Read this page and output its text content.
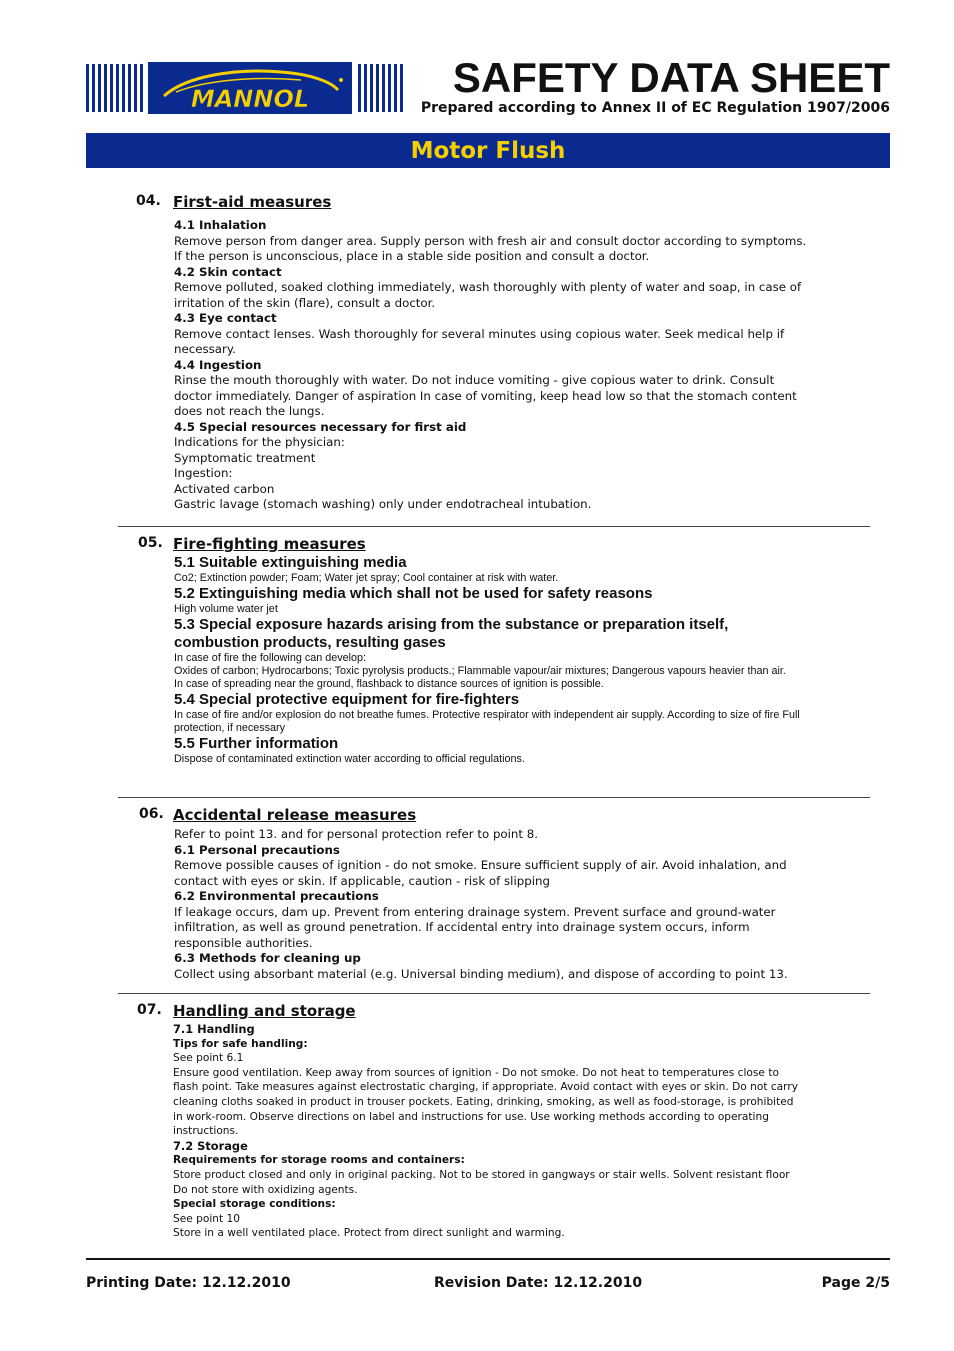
MANNOL	SAFETY DATA SHEET
Prepared according to Annex II of EC Regulation 1907/2006
Motor Flush
04. First-aid measures
4.1 Inhalation
Remove person from danger area. Supply person with fresh air and consult doctor according to symptoms. If the person is unconscious, place in a stable side position and consult a doctor.
4.2 Skin contact
Remove polluted, soaked clothing immediately, wash thoroughly with plenty of water and soap, in case of irritation of the skin (flare), consult a doctor.
4.3 Eye contact
Remove contact lenses. Wash thoroughly for several minutes using copious water. Seek medical help if necessary.
4.4 Ingestion
Rinse the mouth thoroughly with water. Do not induce vomiting - give copious water to drink. Consult doctor immediately. Danger of aspiration In case of vomiting, keep head low so that the stomach content does not reach the lungs.
4.5 Special resources necessary for first aid
Indications for the physician:
Symptomatic treatment
Ingestion:
Activated carbon
Gastric lavage (stomach washing) only under endotracheal intubation.
05. Fire-fighting measures
5.1 Suitable extinguishing media
Co2; Extinction powder; Foam; Water jet spray; Cool container at risk with water.
5.2 Extinguishing media which shall not be used for safety reasons
High volume water jet
5.3 Special exposure hazards arising from the substance or preparation itself, combustion products, resulting gases
In case of fire the following can develop:
Oxides of carbon; Hydrocarbons; Toxic pyrolysis products.; Flammable vapour/air mixtures; Dangerous vapours heavier than air.
In case of spreading near the ground, flashback to distance sources of ignition is possible.
5.4 Special protective equipment for fire-fighters
In case of fire and/or explosion do not breathe fumes. Protective respirator with independent air supply. According to size of fire Full protection, if necessary
5.5 Further information
Dispose of contaminated extinction water according to official regulations.
06. Accidental release measures
Refer to point 13. and for personal protection refer to point 8.
6.1 Personal precautions
Remove possible causes of ignition - do not smoke. Ensure sufficient supply of air. Avoid inhalation, and contact with eyes or skin. If applicable, caution - risk of slipping
6.2 Environmental precautions
If leakage occurs, dam up. Prevent from entering drainage system. Prevent surface and ground-water infiltration, as well as ground penetration. If accidental entry into drainage system occurs, inform responsible authorities.
6.3 Methods for cleaning up
Collect using absorbant material (e.g. Universal binding medium), and dispose of according to point 13.
07. Handling and storage
7.1 Handling
Tips for safe handling:
See point 6.1
Ensure good ventilation. Keep away from sources of ignition - Do not smoke. Do not heat to temperatures close to flash point. Take measures against electrostatic charging, if appropriate. Avoid contact with eyes or skin. Do not carry cleaning cloths soaked in product in trouser pockets. Eating, drinking, smoking, as well as food-storage, is prohibited in work-room. Observe directions on label and instructions for use. Use working methods according to operating instructions.
7.2 Storage
Requirements for storage rooms and containers:
Store product closed and only in original packing. Not to be stored in gangways or stair wells. Solvent resistant floor Do not store with oxidizing agents.
Special storage conditions:
See point 10
Store in a well ventilated place. Protect from direct sunlight and warming.
Printing Date: 12.12.2010	Revision Date: 12.12.2010	Page 2/5
